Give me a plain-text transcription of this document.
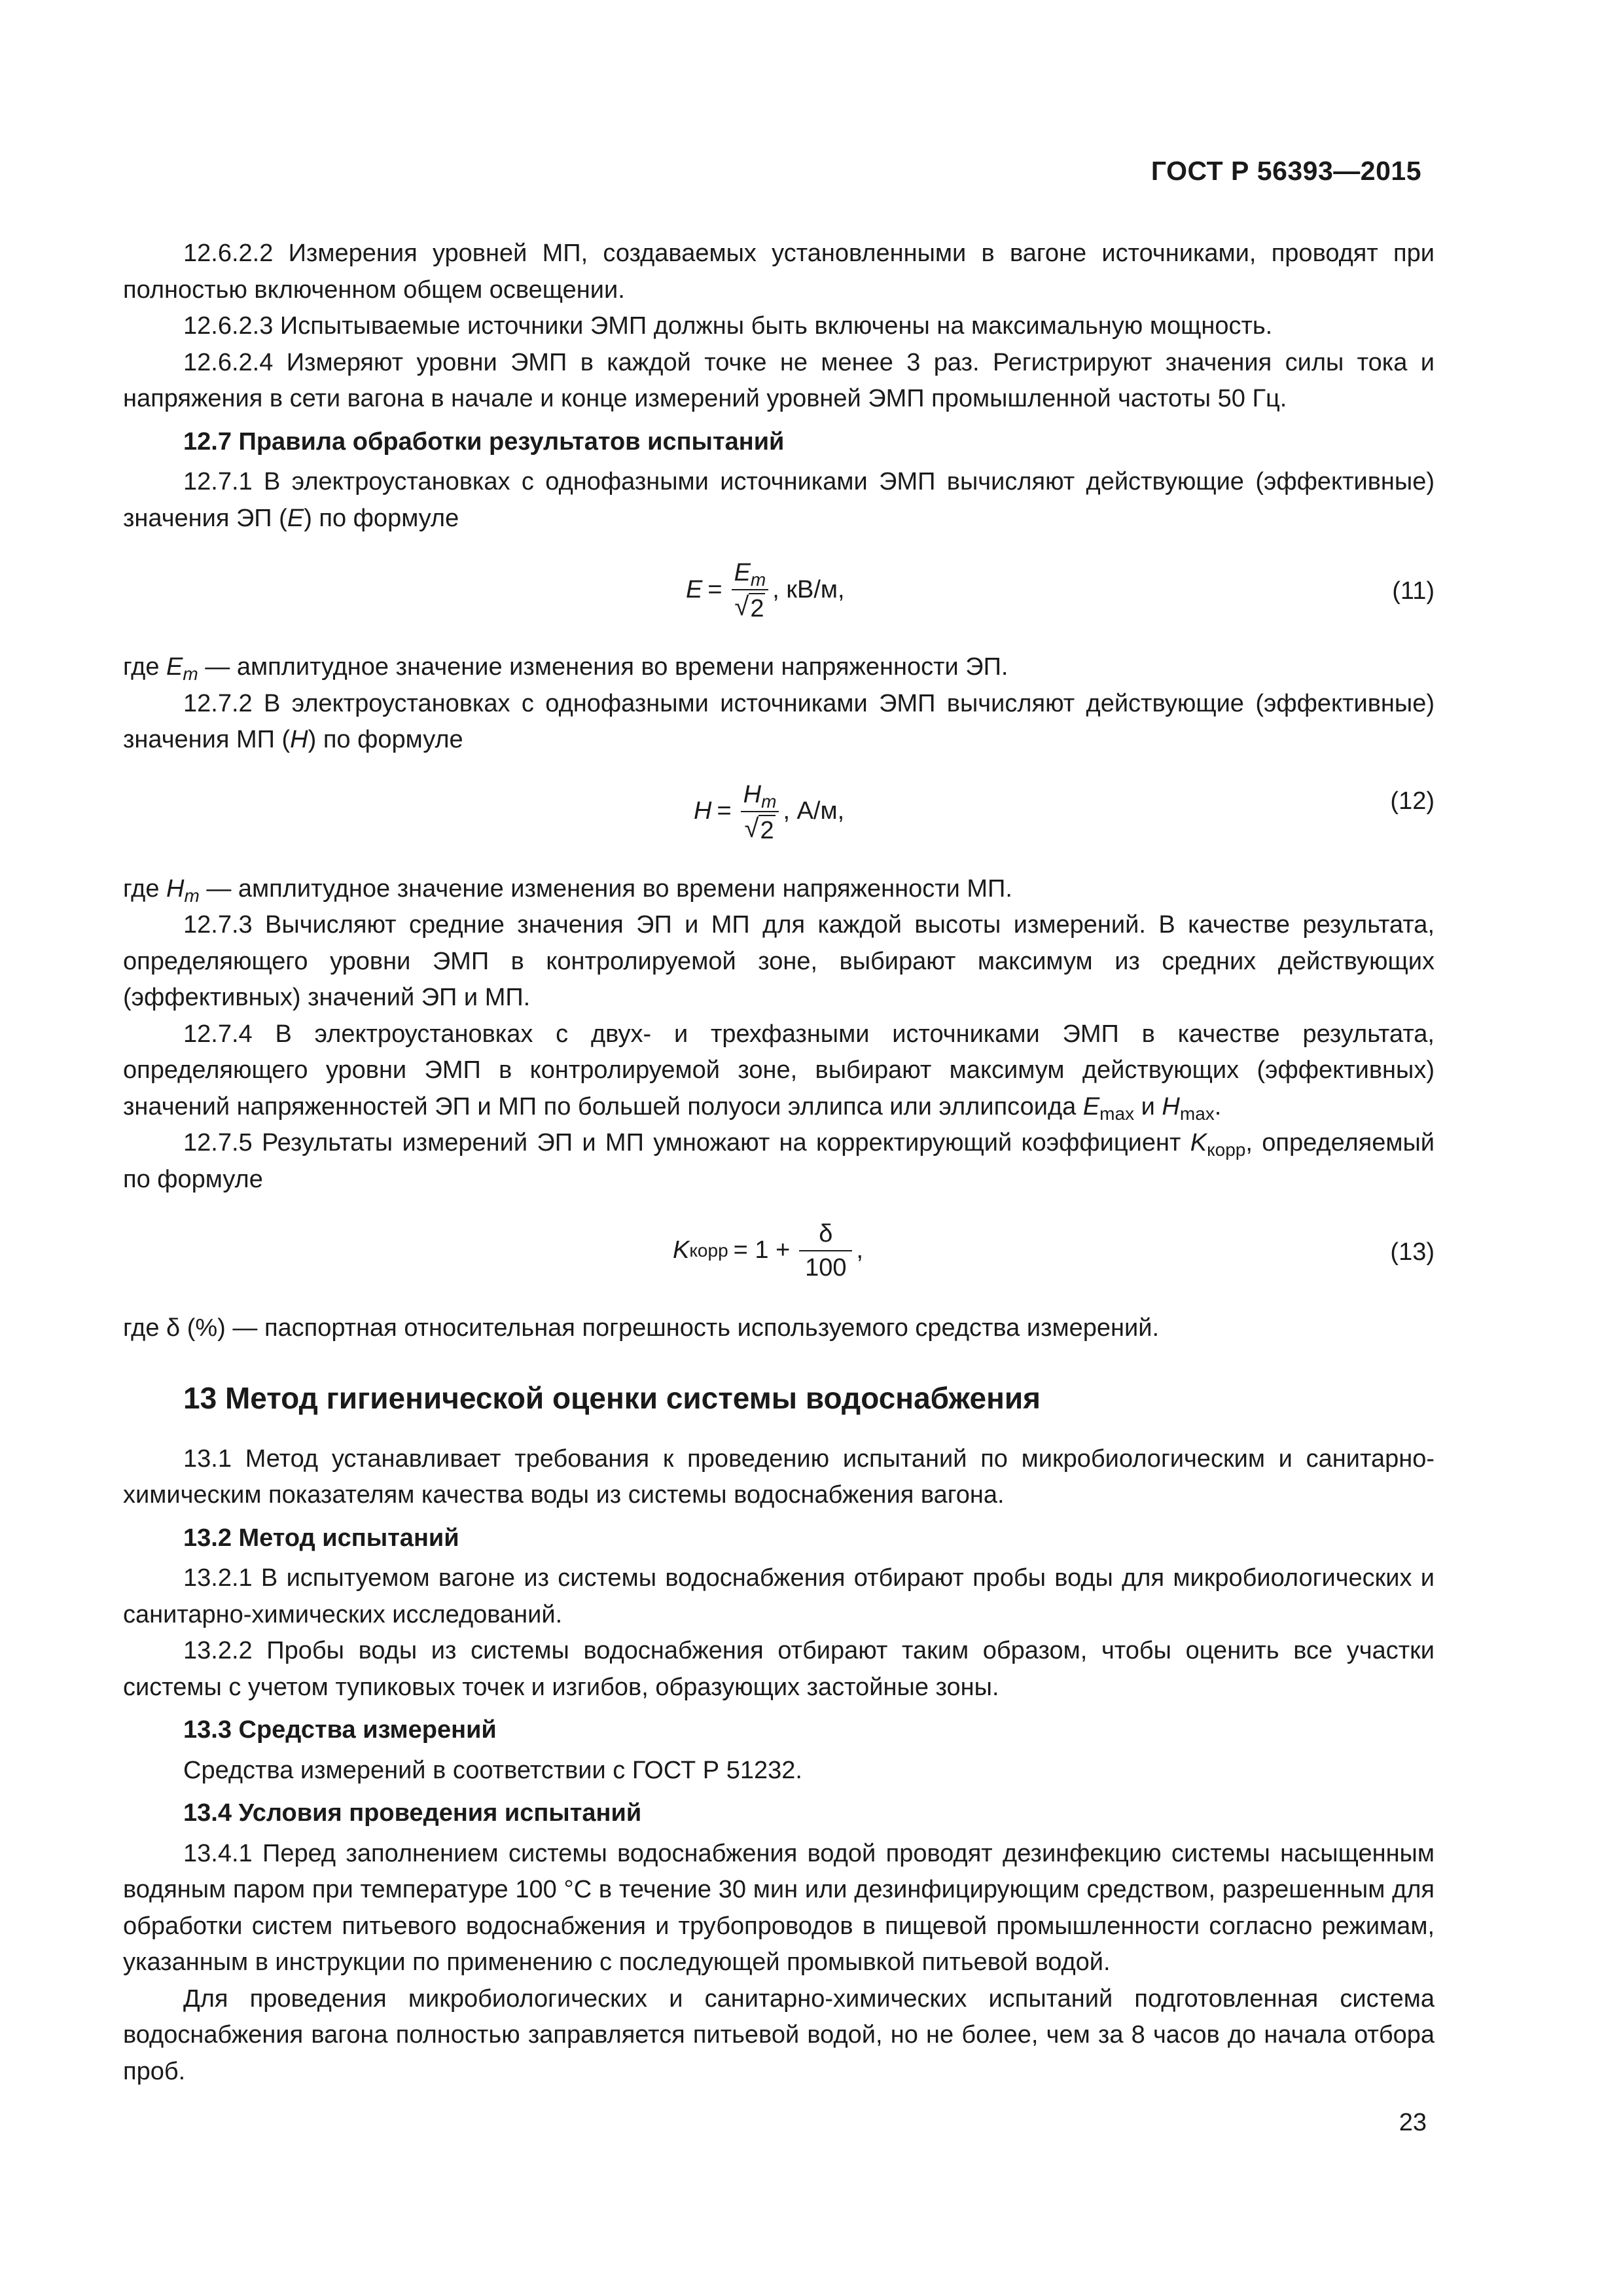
ГОСТ Р 56393—2015

12.6.2.2 Измерения уровней МП, создаваемых установленными в вагоне источниками, проводят при полностью включенном общем освещении.

12.6.2.3 Испытываемые источники ЭМП должны быть включены на максимальную мощность.

12.6.2.4 Измеряют уровни ЭМП в каждой точке не менее 3 раз. Регистрируют значения силы тока и напряжения в сети вагона в начале и конце измерений уровней ЭМП промышленной частоты 50 Гц.

12.7 Правила обработки результатов испытаний

12.7.1 В электроустановках с однофазными источниками ЭМП вычисляют действующие (эффективные) значения ЭП (E) по формуле

$E = \frac{E_m}{√ 2}$ , кВ/м,	(11)

где $E_m$ — амплитудное значение изменения во времени напряженности ЭП.

12.7.2 В электроустановках с однофазными источниками ЭМП вычисляют действующие (эффективные) значения МП (H) по формуле

$H = \frac{H_m}{√ 2}$ , А/м,	(12)

где $H_m$ — амплитудное значение изменения во времени напряженности МП.

12.7.3 Вычисляют средние значения ЭП и МП для каждой высоты измерений. В качестве результата, определяющего уровни ЭМП в контролируемой зоне, выбирают максимум из средних действующих (эффективных) значений ЭП и МП.

12.7.4 В электроустановках с двух- и трехфазными источниками ЭМП в качестве результата, определяющего уровни ЭМП в контролируемой зоне, выбирают максимум действующих (эффективных) значений напряженностей ЭП и МП по большей полуоси эллипса или эллипсоида $E_{max}$ и $H_{max}$.

12.7.5 Результаты измерений ЭП и МП умножают на корректирующий коэффициент $K_{корр}$, определяемый по формуле

K корр = $1 + \frac{\delta}{100}$ ,	(13)

где δ (%) — паспортная относительная погрешность используемого средства измерений.

13 Метод гигиенической оценки системы водоснабжения

13.1 Метод устанавливает требования к проведению испытаний по микробиологическим и санитарно-химическим показателям качества воды из системы водоснабжения вагона.

13.2 Метод испытаний

13.2.1 В испытуемом вагоне из системы водоснабжения отбирают пробы воды для микробиологических и санитарно-химических исследований.

13.2.2 Пробы воды из системы водоснабжения отбирают таким образом, чтобы оценить все участки системы с учетом тупиковых точек и изгибов, образующих застойные зоны.

13.3 Средства измерений

Средства измерений в соответствии с ГОСТ Р 51232.

13.4 Условия проведения испытаний

13.4.1 Перед заполнением системы водоснабжения водой проводят дезинфекцию системы насыщенным водяным паром при температуре 100 °С в течение 30 мин или дезинфицирующим средством, разрешенным для обработки систем питьевого водоснабжения и трубопроводов в пищевой промышленности согласно режимам, указанным в инструкции по применению с последующей промывкой питьевой водой.

Для проведения микробиологических и санитарно-химических испытаний подготовленная система водоснабжения вагона полностью заправляется питьевой водой, но не более, чем за 8 часов до начала отбора проб.

23
